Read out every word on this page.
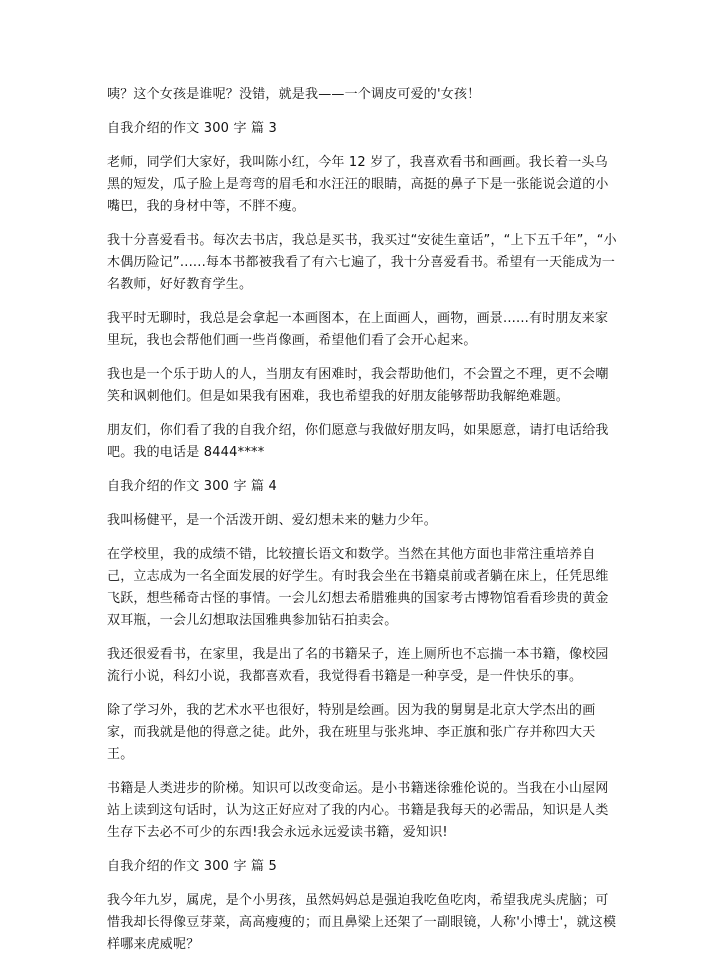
咦？这个女孩是谁呢？没错，就是我——一个调皮可爱的'女孩！

自我介绍的作文 300 字 篇 3

老师，同学们大家好，我叫陈小红，今年 12 岁了，我喜欢看书和画画。我长着一头乌黑的短发，瓜子脸上是弯弯的眉毛和水汪汪的眼睛，高挺的鼻子下是一张能说会道的小嘴巴，我的身材中等，不胖不瘦。

我十分喜爱看书。每次去书店，我总是买书，我买过“安徒生童话”，“上下五千年”，“小木偶历险记”......每本书都被我看了有六七遍了，我十分喜爱看书。希望有一天能成为一名教师，好好教育学生。

我平时无聊时，我总是会拿起一本画图本，在上面画人，画物，画景......有时朋友来家里玩，我也会帮他们画一些肖像画，希望他们看了会开心起来。

我也是一个乐于助人的人，当朋友有困难时，我会帮助他们，不会置之不理，更不会嘲笑和讽刺他们。但是如果我有困难，我也希望我的好朋友能够帮助我解绝难题。

朋友们，你们看了我的自我介绍，你们愿意与我做好朋友吗，如果愿意，请打电话给我吧。我的电话是 8444****

自我介绍的作文 300 字 篇 4

我叫杨健平，是一个活泼开朗、爱幻想未来的魅力少年。

在学校里，我的成绩不错，比较擅长语文和数学。当然在其他方面也非常注重培养自己，立志成为一名全面发展的好学生。有时我会坐在书籍桌前或者躺在床上，任凭思维飞跃，想些稀奇古怪的事情。一会儿幻想去希腊雅典的国家考古博物馆看看珍贵的黄金双耳瓶，一会儿幻想取法国雅典参加钻石拍卖会。

我还很爱看书，在家里，我是出了名的书籍呆子，连上厕所也不忘揣一本书籍，像校园流行小说，科幻小说，我都喜欢看，我觉得看书籍是一种享受，是一件快乐的事。

除了学习外，我的艺术水平也很好，特别是绘画。因为我的舅舅是北京大学杰出的画家，而我就是他的得意之徒。此外，我在班里与张兆坤、李正旗和张广存并称四大天王。

书籍是人类进步的阶梯。知识可以改变命运。是小书籍迷徐雅伦说的。当我在小山屋网站上读到这句话时，认为这正好应对了我的内心。书籍是我每天的必需品，知识是人类生存下去必不可少的东西!我会永远永远爱读书籍，爱知识!

自我介绍的作文 300 字 篇 5

我今年九岁，属虎，是个小男孩，虽然妈妈总是强迫我吃鱼吃肉，希望我虎头虎脑；可惜我却长得像豆芽菜，高高瘦瘦的；而且鼻梁上还架了一副眼镜，人称'小博士'，就这模样哪来虎威呢？
